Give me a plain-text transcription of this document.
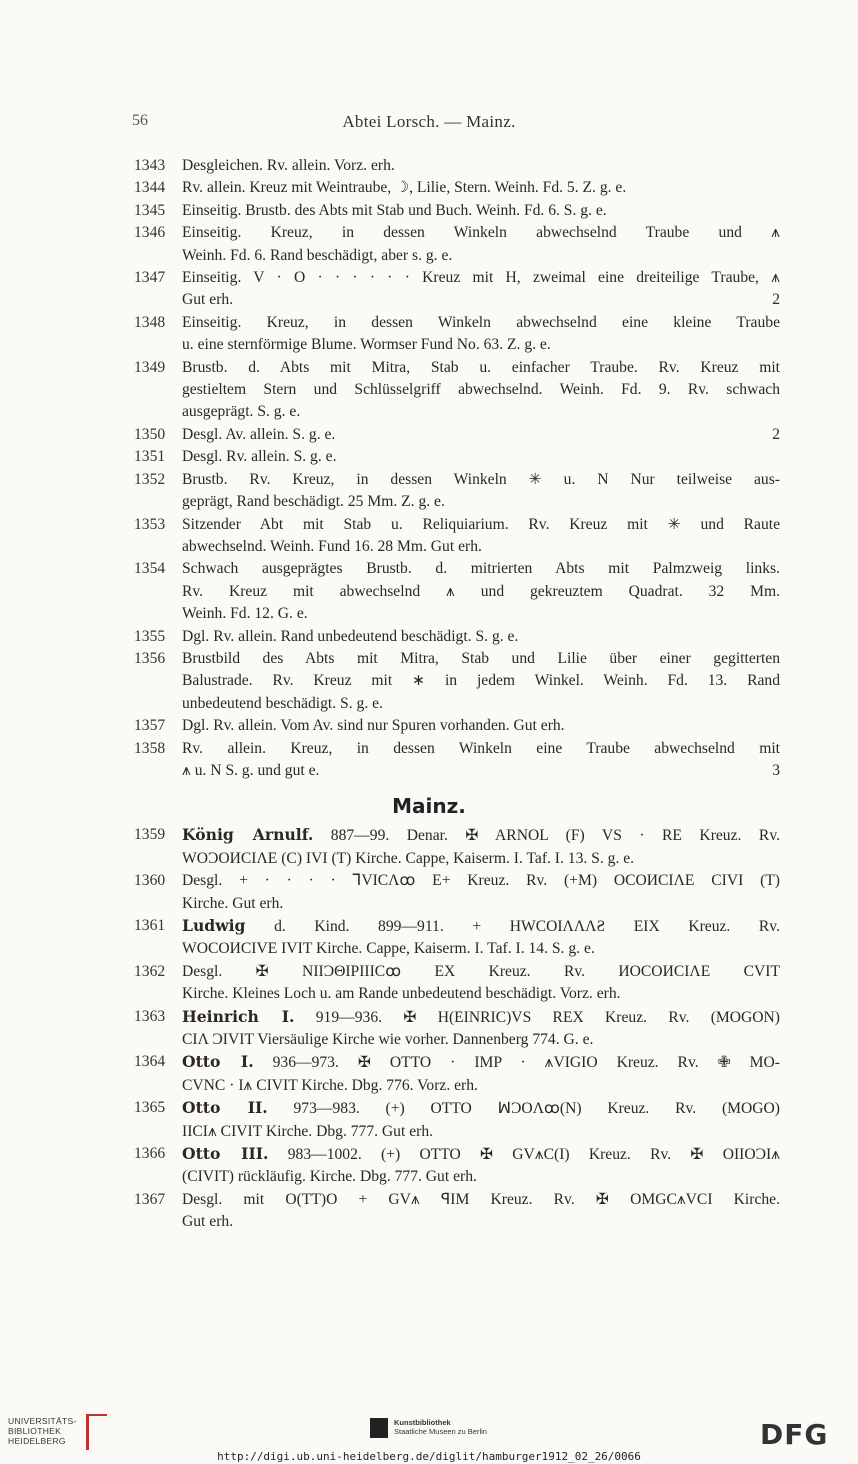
56	Abtei Lorsch. — Mainz.
1343	Desgleichen. Rv. allein. Vorz. erh.
1344	Rv. allein. Kreuz mit Weintraube, ☽, Lilie, Stern. Weinh. Fd. 5. Z. g. e.
1345	Einseitig. Brustb. des Abts mit Stab und Buch. Weinh. Fd. 6. S. g. e.
1346	Einseitig. Kreuz, in dessen Winkeln abwechselnd Traube und ⩚
Weinh. Fd. 6. Rand beschädigt, aber s. g. e.
1347	Einseitig. V · O · · · · · · Kreuz mit H, zweimal eine dreiteilige Traube, ⩚
Gut erh.	2
1348	Einseitig. Kreuz, in dessen Winkeln abwechselnd eine kleine Traube
u. eine sternförmige Blume. Wormser Fund No. 63. Z. g. e.
1349	Brustb. d. Abts mit Mitra, Stab u. einfacher Traube. Rv. Kreuz mit
gestieltem Stern und Schlüsselgriff abwechselnd. Weinh. Fd. 9. Rv. schwach
ausgeprägt. S. g. e.
1350	Desgl. Av. allein. S. g. e.	2
1351	Desgl. Rv. allein. S. g. e.
1352	Brustb. Rv. Kreuz, in dessen Winkeln ✳ u. N Nur teilweise aus-
geprägt, Rand beschädigt. 25 Mm. Z. g. e.
1353	Sitzender Abt mit Stab u. Reliquiarium. Rv. Kreuz mit ✳ und Raute
abwechselnd. Weinh. Fund 16. 28 Mm. Gut erh.
1354	Schwach ausgeprägtes Brustb. d. mitrierten Abts mit Palmzweig links.
Rv. Kreuz mit abwechselnd ⩚ und gekreuztem Quadrat. 32 Mm.
Weinh. Fd. 12. G. e.
1355	Dgl. Rv. allein. Rand unbedeutend beschädigt. S. g. e.
1356	Brustbild des Abts mit Mitra, Stab und Lilie über einer gegitterten
Balustrade. Rv. Kreuz mit ∗ in jedem Winkel. Weinh. Fd. 13. Rand
unbedeutend beschädigt. S. g. e.
1357	Dgl. Rv. allein. Vom Av. sind nur Spuren vorhanden. Gut erh.
1358	Rv. allein. Kreuz, in dessen Winkeln eine Traube abwechselnd mit
⩚ u. N S. g. und gut e.	3
Mainz.
1359	König Arnulf. 887—99. Denar. ✠ ARNOL (F) VS · RE Kreuz. Rv.
WOƆOИCIΛE (C) IVI (T) Kirche. Cappe, Kaiserm. I. Taf. I. 13. S. g. e.
1360	Desgl. + · · · · ⅂VICΛꝏ E+ Kreuz. Rv. (+M) OCOИCIΛE CIVI (T)
Kirche. Gut erh.
1361	Ludwig d. Kind. 899—911. + HWCOIΛΛΛƧ EIX Kreuz. Rv.
WOCOИCIVE IVIT Kirche. Cappe, Kaiserm. I. Taf. I. 14. S. g. e.
1362	Desgl. ✠ NIIƆΘIPIIICꝏ EX Kreuz. Rv. ИOCOИCIΛE CVIT
Kirche. Kleines Loch u. am Rande unbedeutend beschädigt. Vorz. erh.
1363	Heinrich I. 919—936. ✠ H(EINRIC)VS REX Kreuz. Rv. (MOGON)
CIΛ ƆIVIT Viersäulige Kirche wie vorher. Dannenberg 774. G. e.
1364	Otto I. 936—973. ✠ OTTO · IMP · ⩚VIGIO Kreuz. Rv. ✙ MO-
CVNC · I⩚ CIVIT Kirche. Dbg. 776. Vorz. erh.
1365	Otto II. 973—983. (+) OTTO ꟽƆOΛꝏ(N) Kreuz. Rv. (MOGO)
IICI⩚ CIVIT Kirche. Dbg. 777. Gut erh.
1366	Otto III. 983—1002. (+) OTTO ✠ GV⩚C(I) Kreuz. Rv. ✠ OIIOƆI⩚
(CIVIT) rückläufig. Kirche. Dbg. 777. Gut erh.
1367	Desgl. mit O(TT)O + GV⩚ ꟼIM Kreuz. Rv. ✠ OMGC⩚VCI Kirche.
Gut erh.
UNIVERSITÄTS-
BIBLIOTHEK
HEIDELBERG
Kunstbibliothek
Staatliche Museen zu Berlin	DFG
http://digi.ub.uni-heidelberg.de/diglit/hamburger1912_02_26/0066
